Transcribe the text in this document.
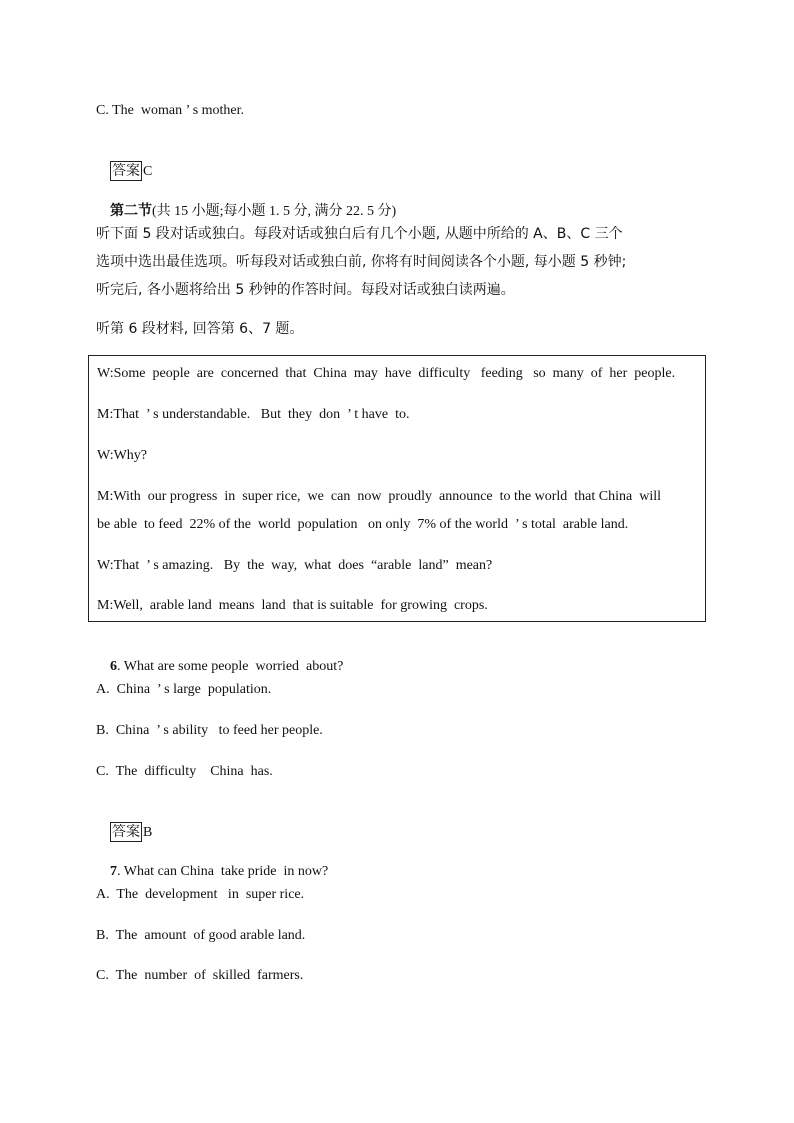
C. The  woman ’ s mother.

答案 C

第二节(共 15 小题;每小题 1. 5 分, 满分 22. 5 分)

听下面 5 段对话或独白。每段对话或独白后有几个小题, 从题中所给的 A、B、C 三个
选项中选出最佳选项。听每段对话或独白前, 你将有时间阅读各个小题, 每小题 5 秒钟;
听完后, 各小题将给出 5 秒钟的作答时间。每段对话或独白读两遍。
听第 6 段材料, 回答第 6、7 题。
W:Some  people  are  concerned  that  China  may  have  difficulty   feeding   so  many  of  her  people.
M:That  ’ s understandable.   But  they  don  ’ t have  to.
W:Why?
M:With  our progress  in  super rice,  we  can  now  proudly  announce  to the world  that China  will
be able  to feed  22% of the  world  population   on only  7% of the world  ’ s total  arable land.
W:That  ’ s amazing.   By  the  way,  what  does  “arable  land”  mean?
M:Well,  arable land  means  land  that is suitable  for growing  crops.

6. What are some people  worried  about?

A.  China  ’ s large  population.
B.  China  ’ s ability   to feed her people.
C.  The  difficulty    China  has.

答案 B

7. What can China  take pride  in now?

A.  The  development   in  super rice.
B.  The  amount  of good arable land.
C.  The  number  of  skilled  farmers.
